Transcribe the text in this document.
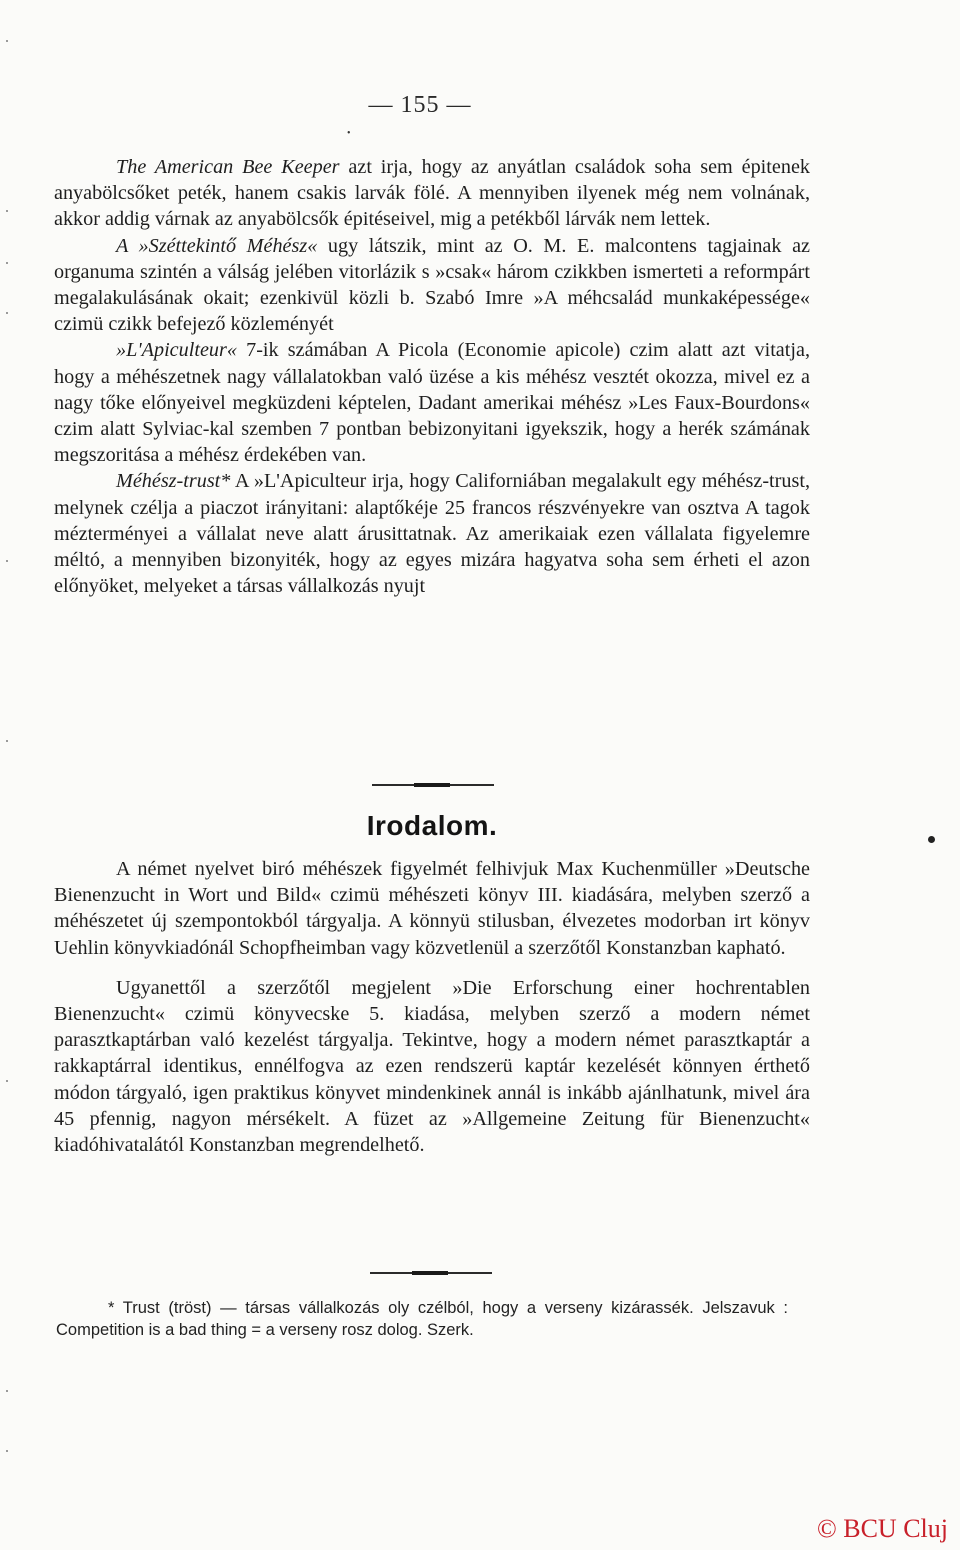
— 155 —
•

The American Bee Keeper azt irja, hogy az anyátlan családok soha sem épitenek anyabölcsőket peték, hanem csakis larvák fölé. A mennyiben ilyenek még nem volnának, akkor addig várnak az anyabölcsők épitéseivel, mig a petékből lárvák nem lettek.

A »Széttekintő Méhész« ugy látszik, mint az O. M. E. malcontens tagjainak az organuma szintén a válság jelében vitorlázik s »csak« három czikkben ismerteti a reformpárt megalakulásának okait; ezenkivül közli b. Szabó Imre »A méhcsalád munkaképessége« czimü czikk befejező közleményét

»L'Apiculteur« 7-ik számában A Picola (Economie apicole) czim alatt azt vitatja, hogy a méhészetnek nagy vállalatokban való üzése a kis méhész vesztét okozza, mivel ez a nagy tőke előnyeivel megküzdeni képtelen, Dadant amerikai méhész »Les Faux-Bourdons« czim alatt Sylviac-kal szemben 7 pontban bebizonyitani igyekszik, hogy a herék számának megszoritása a méhész érdekében van.

Méhész-trust* A »L'Apiculteur irja, hogy Californiában megalakult egy méhész-trust, melynek czélja a piaczot irányitani: alaptőkéje 25 francos részvényekre van osztva A tagok mézterményei a vállalat neve alatt árusittatnak. Az amerikaiak ezen vállalata figyelemre méltó, a mennyiben bizonyiték, hogy az egyes mizára hagyatva soha sem érheti el azon előnyöket, melyeket a társas vállalkozás nyujt

Irodalom.

A német nyelvet biró méhészek figyelmét felhivjuk Max Kuchenmüller »Deutsche Bienenzucht in Wort und Bild« czimü méhészeti könyv III. kiadására, melyben szerző a méhészetet új szempontokból tárgyalja. A könnyü stilusban, élvezetes modorban irt könyv Uehlin könyvkiadónál Schopfheimban vagy közvetlenül a szerzőtől Konstanzban kapható.

Ugyanettől a szerzőtől megjelent »Die Erforschung einer hochrentablen Bienenzucht« czimü könyvecske 5. kiadása, melyben szerző a modern német parasztkaptárban való kezelést tárgyalja. Tekintve, hogy a modern német parasztkaptár a rakkaptárral identikus, ennélfogva az ezen rendszerü kaptár kezelését könnyen érthető módon tárgyaló, igen praktikus könyvet mindenkinek annál is inkább ajánlhatunk, mivel ára 45 pfennig, nagyon mérsékelt. A füzet az »Allgemeine Zeitung für Bienenzucht« kiadóhivatalától Konstanzban megrendelhető.

* Trust (tröst) — társas vállalkozás oly czélból, hogy a verseny kizárassék. Jelszavuk : Competition is a bad thing = a verseny rosz dolog. Szerk.

© BCU Cluj
